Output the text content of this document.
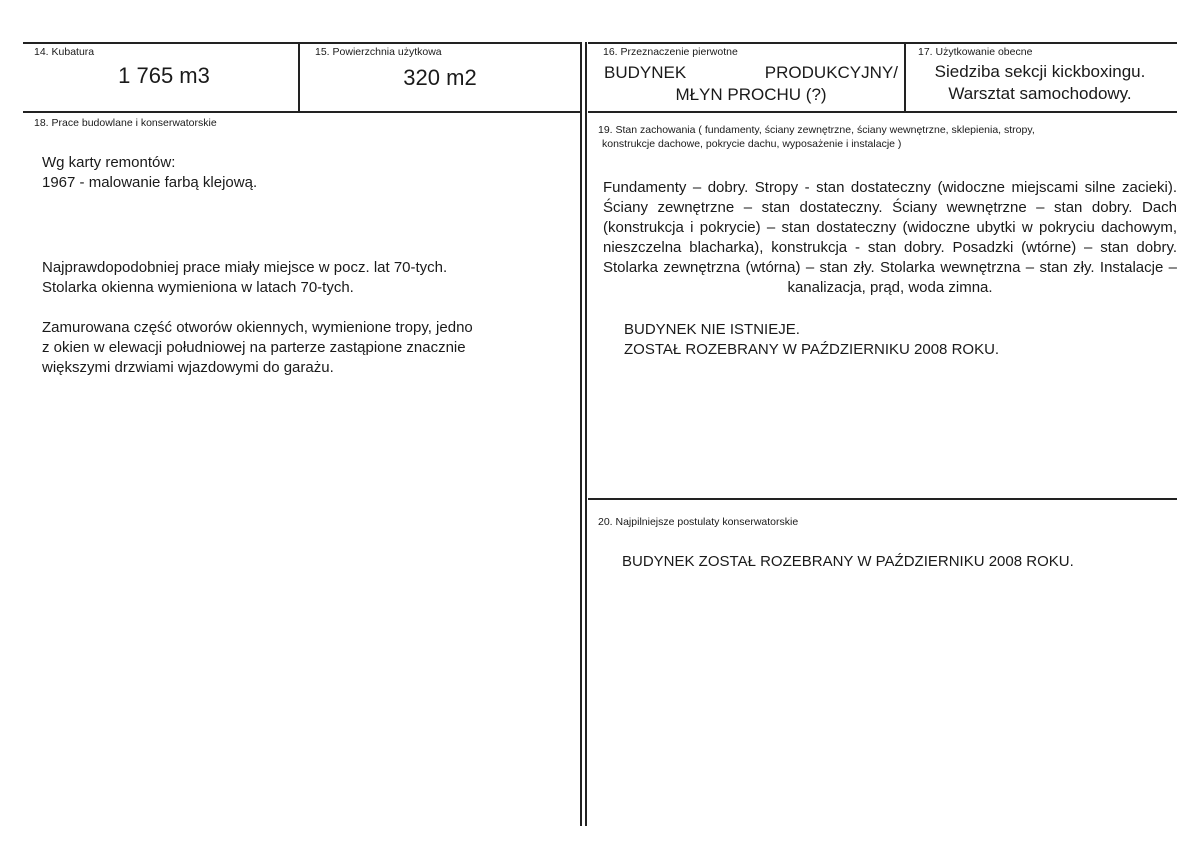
14. Kubatura
1 765 m3
15. Powierzchnia użytkowa
320 m2
16. Przeznaczenie pierwotne
BUDYNEK PRODUKCYJNY/
MŁYN PROCHU (?)
17. Użytkowanie obecne
Siedziba sekcji kickboxingu.
Warsztat samochodowy.
18. Prace budowlane i konserwatorskie

Wg karty remontów:

1967 - malowanie farbą klejową.

Najprawdopodobniej prace miały miejsce w pocz. lat 70-tych.

Stolarka okienna wymieniona w latach 70-tych.

Zamurowana część otworów okiennych, wymienione tropy, jedno

z okien w elewacji południowej na parterze zastąpione znacznie

większymi drzwiami wjazdowymi do garażu.

19. Stan zachowania ( fundamenty, ściany zewnętrzne, ściany wewnętrzne, sklepienia, stropy,
konstrukcje dachowe, pokrycie dachu, wyposażenie i instalacje )
Fundamenty – dobry. Stropy - stan dostateczny (widoczne miejscami silne zacieki). Ściany zewnętrzne – stan dostateczny. Ściany wewnętrzne – stan dobry. Dach (konstrukcja i pokrycie) – stan dostateczny (widoczne ubytki w pokryciu dachowym, nieszczelna blacharka), konstrukcja - stan dobry. Posadzki (wtórne) – stan dobry. Stolarka zewnętrzna (wtórna) – stan zły. Stolarka wewnętrzna – stan zły. Instalacje – kanalizacja, prąd, woda zimna.

BUDYNEK NIE ISTNIEJE.

ZOSTAŁ ROZEBRANY W PAŹDZIERNIKU 2008 ROKU.

20. Najpilniejsze postulaty konserwatorskie
BUDYNEK ZOSTAŁ ROZEBRANY W PAŹDZIERNIKU 2008 ROKU.
